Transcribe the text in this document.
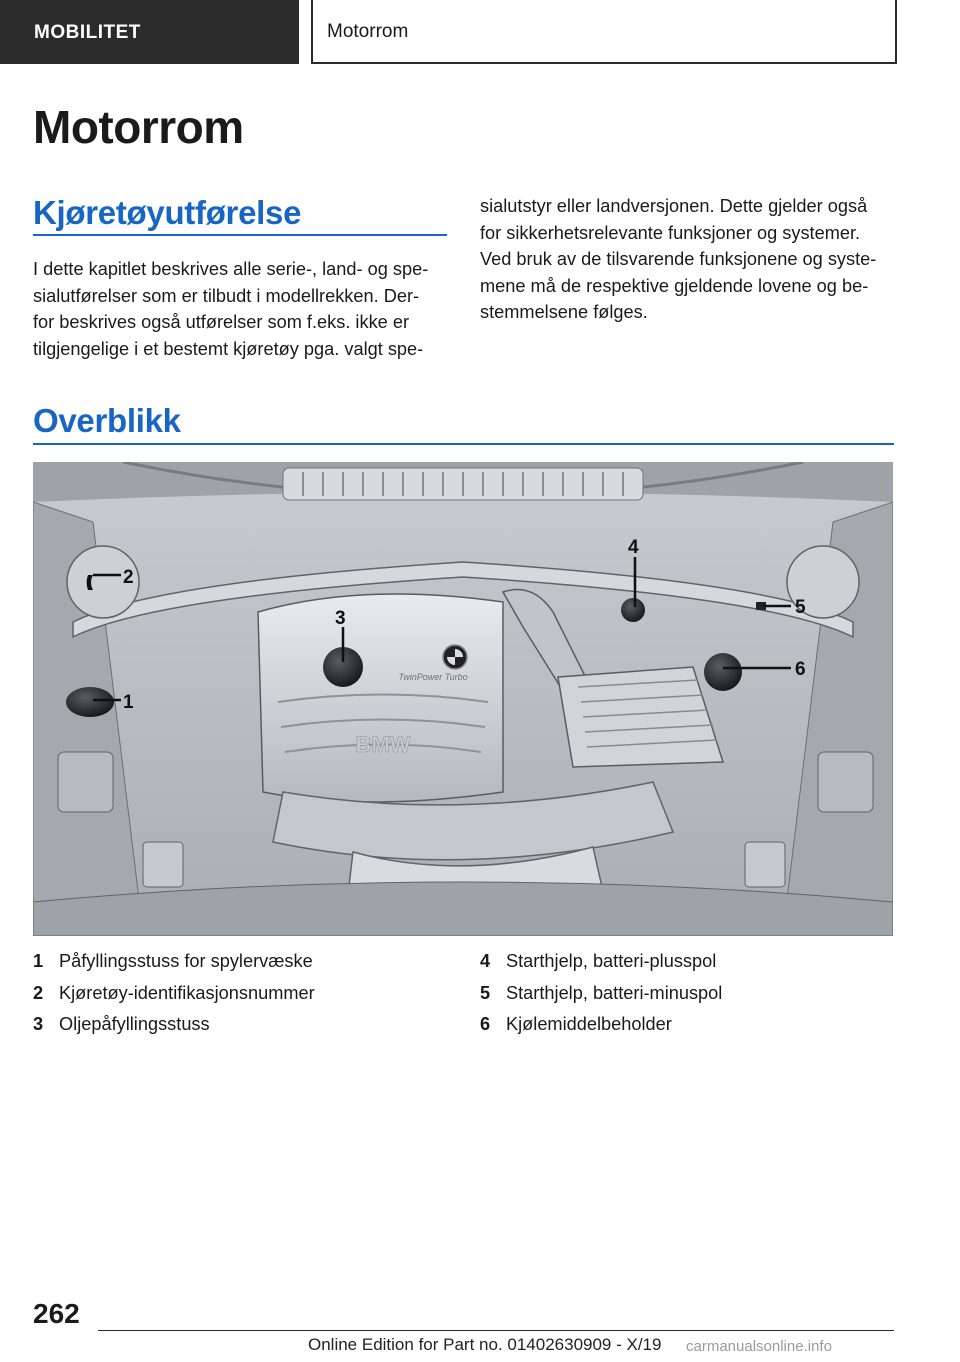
MOBILITET	Motorrom
Motorrom
Kjøretøyutførelse

I dette kapitlet beskrives alle serie-, land- og spe-
sialutførelser som er tilbudt i modellrekken. Der-
for beskrives også utførelser som f.eks. ikke er
tilgjengelige i et bestemt kjøretøy pga. valgt spe-

sialutstyr eller landversjonen. Dette gjelder også
for sikkerhetsrelevante funksjoner og systemer.
Ved bruk av de tilsvarende funksjonene og syste-
mene må de respektive gjeldende lovene og be-
stemmelsene følges.

Overblikk
BMW
TwinPower Turbo
1
2
3
4
5
6
1 Påfyllingsstuss for spylervæske
2 Kjøretøy-identifikasjonsnummer
3 Oljepåfyllingsstuss
4 Starthjelp, batteri-plusspol
5 Starthjelp, batteri-minuspol
6 Kjølemiddelbeholder
262
Online Edition for Part no. 01402630909 - X/19 carmanualsonline.info
